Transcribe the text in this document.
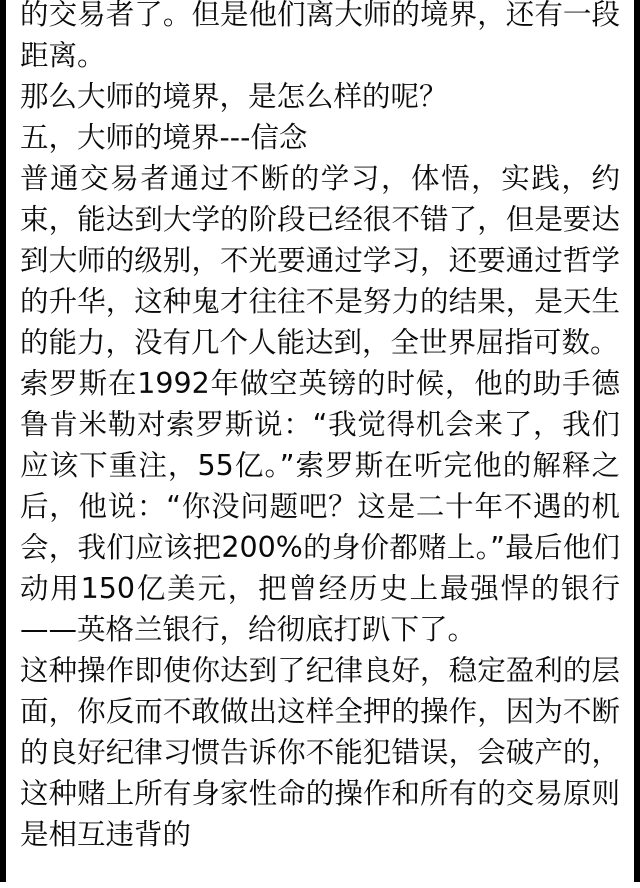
的交易者了。但是他们离大师的境界，还有一段距离。

那么大师的境界，是怎么样的呢？

五，大师的境界---信念

普通交易者通过不断的学习，体悟，实践，约束，能达到大学的阶段已经很不错了，但是要达到大师的级别，不光要通过学习，还要通过哲学的升华，这种鬼才往往不是努力的结果，是天生的能力，没有几个人能达到，全世界屈指可数。

索罗斯在1992年做空英镑的时候，他的助手德鲁肯米勒对索罗斯说：“我觉得机会来了，我们应该下重注，55亿。”索罗斯在听完他的解释之后，他说：“你没问题吧？这是二十年不遇的机会，我们应该把200%的身价都赌上。”最后他们动用150亿美元，把曾经历史上最强悍的银行——英格兰银行，给彻底打趴下了。

这种操作即使你达到了纪律良好，稳定盈利的层面，你反而不敢做出这样全押的操作，因为不断的良好纪律习惯告诉你不能犯错误，会破产的，这种赌上所有身家性命的操作和所有的交易原则是相互违背的
